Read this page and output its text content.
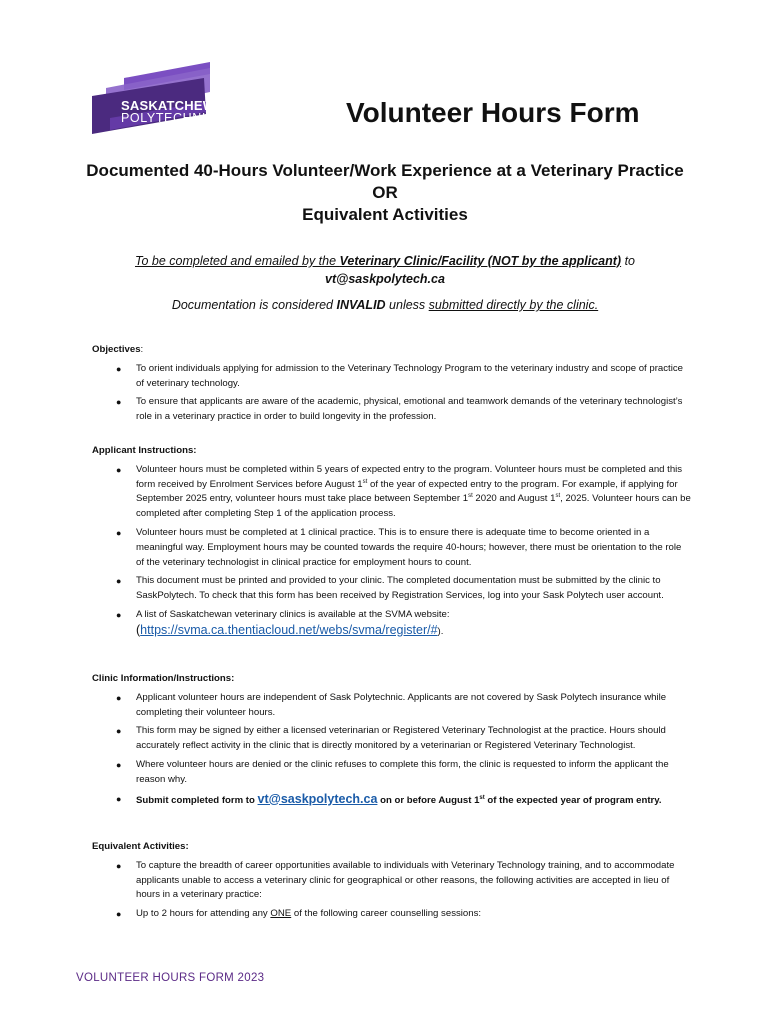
SASKATCHEWAN
POLYTECHNIC	Volunteer Hours Form
Documented 40-Hours Volunteer/Work Experience at a Veterinary Practice
OR
Equivalent Activities
To be completed and emailed by the Veterinary Clinic/Facility (NOT by the applicant) to
vt@saskpolytech.ca
Documentation is considered INVALID unless submitted directly by the clinic.
Objectives :
● To orient individuals applying for admission to the Veterinary Technology Program to the veterinary industry and scope of practice of veterinary technology.
● To ensure that applicants are aware of the academic, physical, emotional and teamwork demands of the veterinary technologist’s role in a veterinary practice in order to build longevity in the profession.
Applicant Instructions:
● Volunteer hours must be completed within 5 years of expected entry to the program. Volunteer hours must be completed and this form received by Enrolment Services before August 1st of the year of expected entry to the program. For example, if applying for September 2025 entry, volunteer hours must take place between September 1st 2020 and August 1st, 2025. Volunteer hours can be completed after completing Step 1 of the application process.
● Volunteer hours must be completed at 1 clinical practice. This is to ensure there is adequate time to become oriented in a meaningful way. Employment hours may be counted towards the require 40-hours; however, there must be orientation to the role of the veterinary technologist in clinical practice for employment hours to count.
● This document must be printed and provided to your clinic. The completed documentation must be submitted by the clinic to SaskPolytech. To check that this form has been received by Registration Services, log into your Sask Polytech user account.
● A list of Saskatchewan veterinary clinics is available at the SVMA website:
(https://svma.ca.thentiacloud.net/webs/svma/register/#).
Clinic Information/Instructions:
● Applicant volunteer hours are independent of Sask Polytechnic. Applicants are not covered by Sask Polytech insurance while completing their volunteer hours.
● This form may be signed by either a licensed veterinarian or Registered Veterinary Technologist at the practice. Hours should accurately reflect activity in the clinic that is directly monitored by a veterinarian or Registered Veterinary Technologist.
● Where volunteer hours are denied or the clinic refuses to complete this form, the clinic is requested to inform the applicant the reason why.
● Submit completed form to vt@saskpolytech.ca on or before August 1st of the expected year of program entry.
Equivalent Activities:
● To capture the breadth of career opportunities available to individuals with Veterinary Technology training, and to accommodate applicants unable to access a veterinary clinic for geographical or other reasons, the following activities are accepted in lieu of hours in a veterinary practice:
● Up to 2 hours for attending any ONE of the following career counselling sessions:
VOLUNTEER HOURS FORM 2023
